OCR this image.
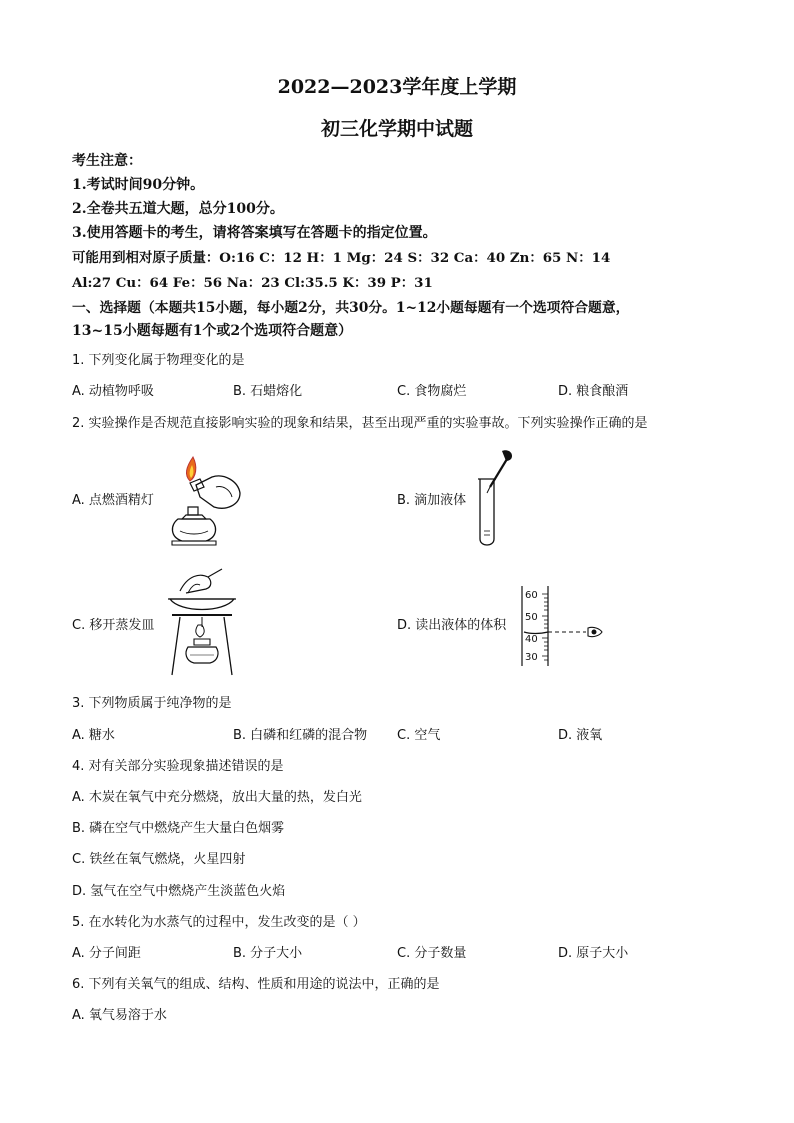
2022—2023学年度上学期
初三化学期中试题
考生注意：
1.考试时间90分钟。
2.全卷共五道大题，总分100分。
3.使用答题卡的考生，请将答案填写在答题卡的指定位置。
可能用到相对原子质量：O:16 C：12 H：1 Mg：24 S：32 Ca：40 Zn：65 N：14
Al:27 Cu：64 Fe：56 Na：23 Cl:35.5 K：39 P：31
一、选择题（本题共15小题，每小题2分，共30分。1~12小题每题有一个选项符合题意，
13~15小题每题有1个或2个选项符合题意）
1. 下列变化属于物理变化的是
A. 动植物呼吸	B. 石蜡熔化	C. 食物腐烂	D. 粮食酿酒
2. 实验操作是否规范直接影响实验的现象和结果，甚至出现严重的实验事故。下列实验操作正确的是
A. 点燃酒精灯	B. 滴加液体
C. 移开蒸发皿	D. 读出液体的体积
60
50
40
30
3. 下列物质属于纯净物的是
A. 糖水	B. 白磷和红磷的混合物 C. 空气	D. 液氧
4. 对有关部分实验现象描述错误的是
A. 木炭在氧气中充分燃烧，放出大量的热，发白光
B. 磷在空气中燃烧产生大量白色烟雾
C. 铁丝在氧气燃烧，火星四射
D. 氢气在空气中燃烧产生淡蓝色火焰
5. 在水转化为水蒸气的过程中，发生改变的是（ ）
A. 分子间距	B. 分子大小	C. 分子数量	D. 原子大小
6. 下列有关氧气的组成、结构、性质和用途的说法中，正确的是
A. 氧气易溶于水
